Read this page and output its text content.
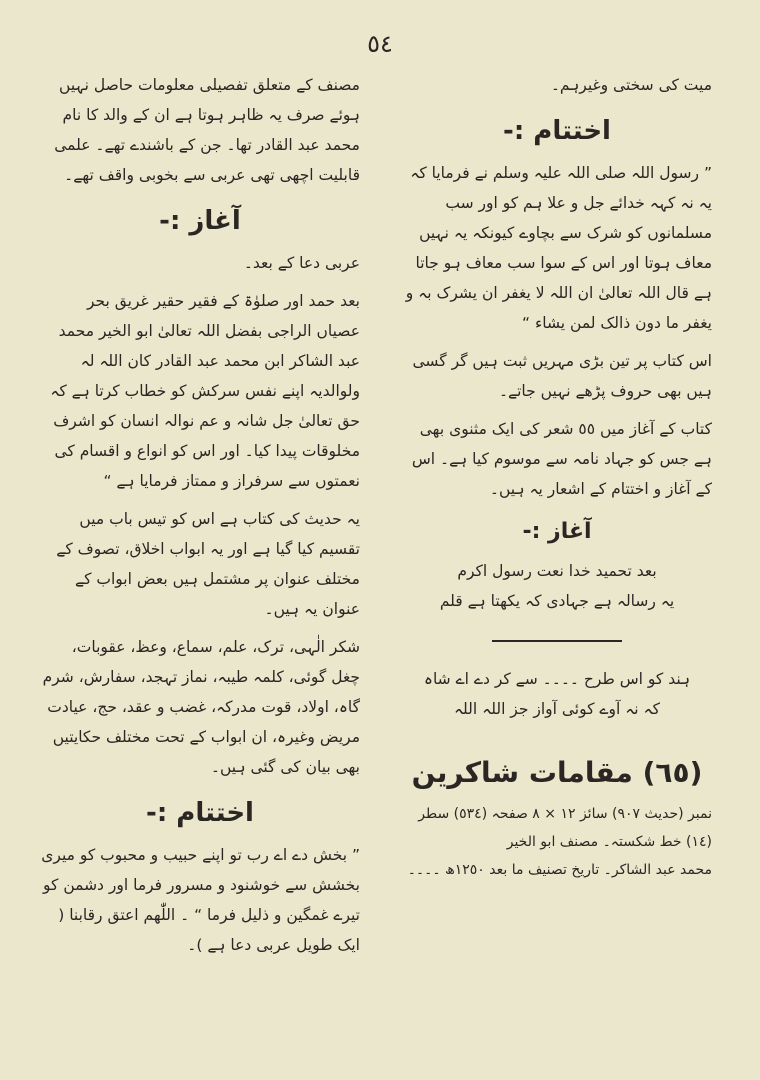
٥٤

میت کی سختی وغیرہم۔

اختتام :-

” رسول اللہ صلی اللہ علیہ وسلم نے فرمایا کہ یہ نہ کہہ خدائے جل و علا ہم کو اور سب مسلمانوں کو شرک سے بچاوے کیونکہ یہ نہیں معاف ہوتا اور اس کے سوا سب معاف ہو جاتا ہے قال اللہ تعالیٰ ان اللہ لا یغفر ان یشرک بہ و یغفر ما دون ذالک لمن یشاء “

اس کتاب پر تین بڑی مہریں ثبت ہیں گر گسی ہیں بھی حروف پڑھے نہیں جاتے۔

کتاب کے آغاز میں ٥٥ شعر کی ایک مثنوی بھی ہے جس کو جہاد نامہ سے موسوم کیا ہے۔ اس کے آغاز و اختتام کے اشعار یہ ہیں۔

آغاز :-
بعد تحمید خدا نعت رسول اکرم
یہ رسالہ ہے جہادی کہ یکھتا ہے قلم
ہند کو اس طرح ۔۔۔۔ سے کر دے اے شاہ
کہ نہ آوے کوئی آواز جز اللہ اللہ
(٦٥) مقامات شاکرین
نمبر (حدیث ٩٠٧) سائز ١٢ × ٨ صفحہ (٥٣٤) سطر
(١٤) خط شکستہ۔ مصنف ابو الخیر
محمد عبد الشاکر۔ تاریخ تصنیف ما بعد ١٢٥٠ھ ۔۔۔۔

مصنف کے متعلق تفصیلی معلومات حاصل نہیں ہوئے صرف یہ ظاہر ہوتا ہے ان کے والد کا نام محمد عبد القادر تھا۔ جن کے باشندے تھے۔ علمی قابلیت اچھی تھی عربی سے بخوبی واقف تھے۔

آغاز :-

عربی دعا کے بعد۔

بعد حمد اور صلوٰۃ کے فقیر حقیر غریق بحر عصیاں الراجی بفضل اللہ تعالیٰ ابو الخیر محمد عبد الشاکر ابن محمد عبد القادر کان اللہ لہ ولوالدیہ اپنے نفس سرکش کو خطاب کرتا ہے کہ حق تعالیٰ جل شانہ و عم نوالہ انسان کو اشرف مخلوقات پیدا کیا۔ اور اس کو انواع و اقسام کی نعمتوں سے سرفراز و ممتاز فرمایا ہے “

یہ حدیث کی کتاب ہے اس کو تیس باب میں تقسیم کیا گیا ہے اور یہ ابواب اخلاق، تصوف کے مختلف عنوان پر مشتمل ہیں بعض ابواب کے عنوان یہ ہیں۔

شکر الٰہی، ترک، علم، سماع، وعظ، عقوبات، چغل گوئی، کلمہ طیبہ، نماز تہجد، سفارش، شرم گاہ، اولاد، قوت مدرکہ، غضب و عقد، حج، عیادت مریض وغیرہ، ان ابواب کے تحت مختلف حکایتیں بھی بیان کی گئی ہیں۔

اختتام :-

” بخش دے اے رب تو اپنے حبیب و محبوب کو میری بخشش سے خوشنود و مسرور فرما اور دشمن کو تیرے غمگین و ذلیل فرما “ ۔ اللّٰھم اعتق رقابنا ( ایک طویل عربی دعا ہے )۔
